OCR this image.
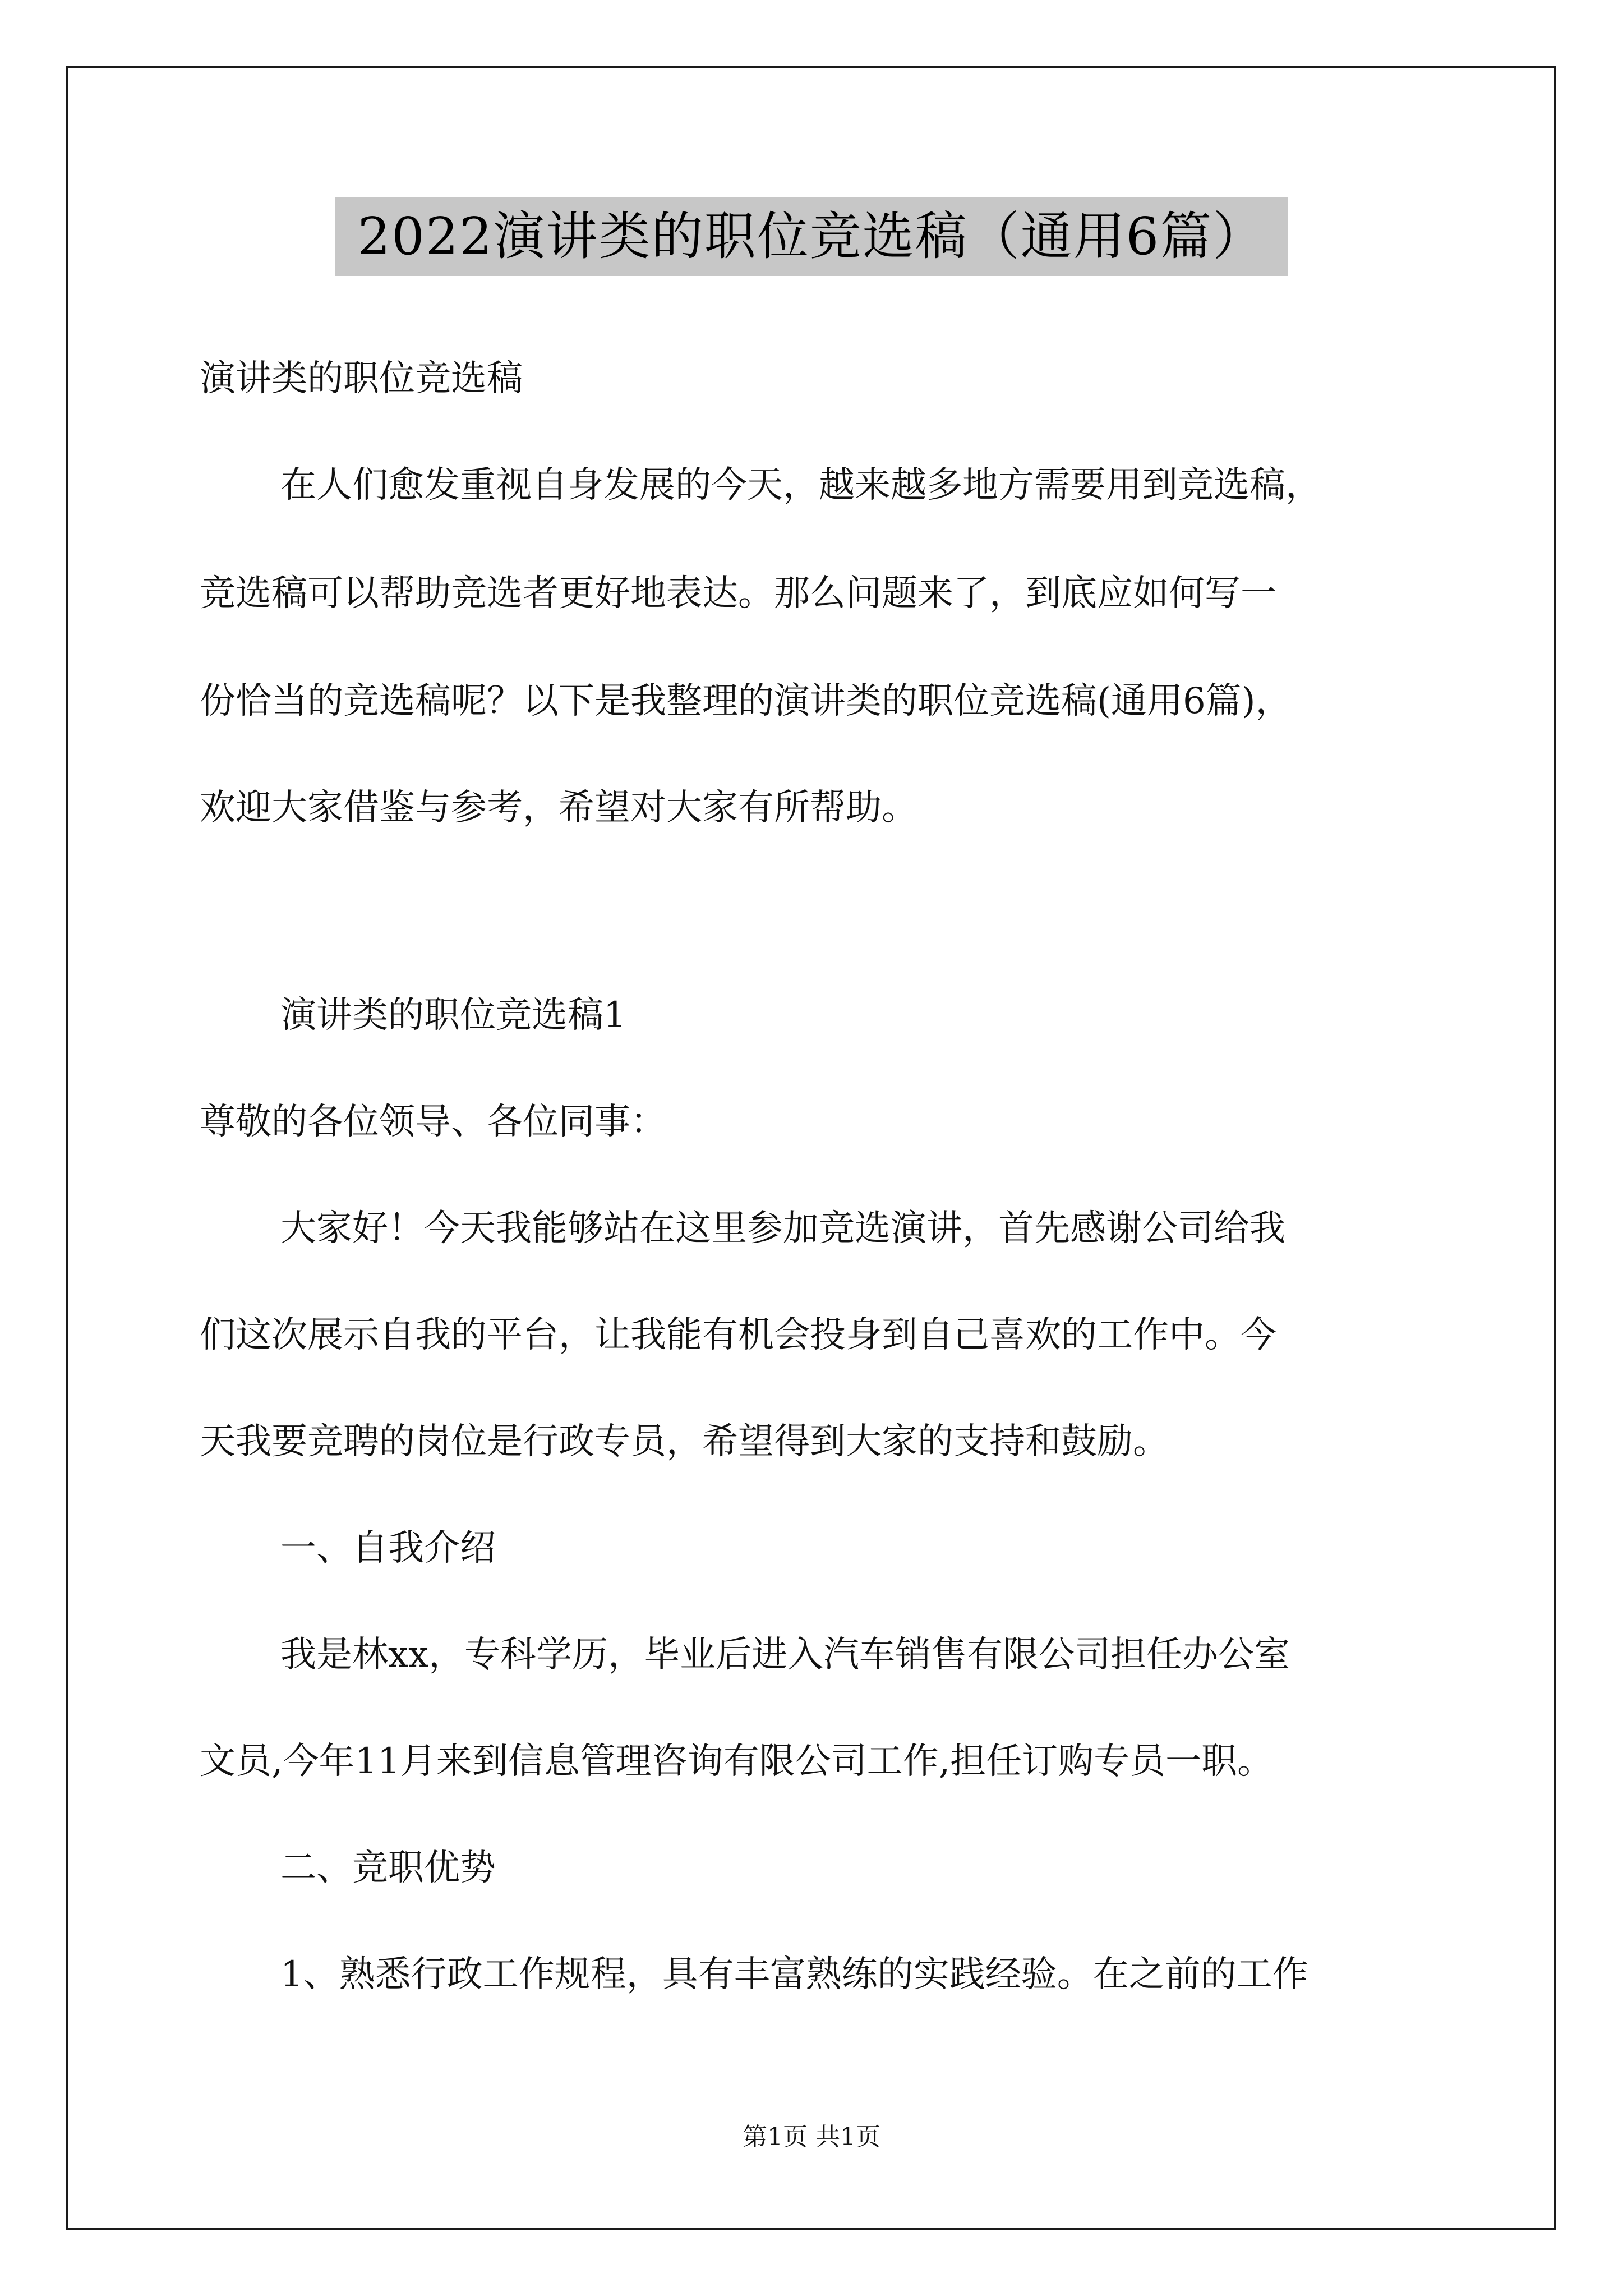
2022演讲类的职位竞选稿（通用6篇）
演讲类的职位竞选稿
在人们愈发重视自身发展的今天，越来越多地方需要用到竞选稿，
竞选稿可以帮助竞选者更好地表达。那么问题来了，到底应如何写一
份恰当的竞选稿呢？以下是我整理的演讲类的职位竞选稿(通用6篇)，
欢迎大家借鉴与参考，希望对大家有所帮助。
演讲类的职位竞选稿1
尊敬的各位领导、各位同事：
大家好！今天我能够站在这里参加竞选演讲，首先感谢公司给我
们这次展示自我的平台，让我能有机会投身到自己喜欢的工作中。今
天我要竞聘的岗位是行政专员，希望得到大家的支持和鼓励。
一、自我介绍
我是林xx，专科学历，毕业后进入汽车销售有限公司担任办公室
文员,今年11月来到信息管理咨询有限公司工作,担任订购专员一职。
二、竞职优势
1、熟悉行政工作规程，具有丰富熟练的实践经验。在之前的工作
第1页 共1页
